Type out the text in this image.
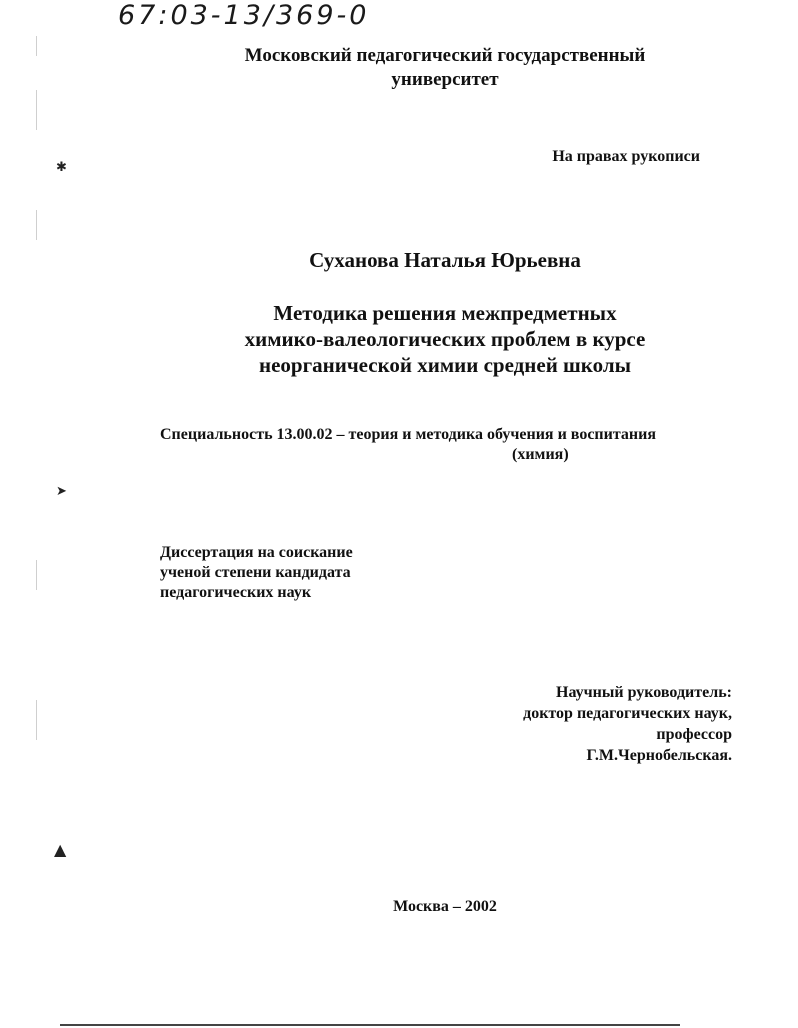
✱
➤
▲
67:03-13/369-0
Московский педагогический государственный
университет
На правах рукописи
Суханова Наталья Юрьевна
Методика решения межпредметных
химико-валеологических проблем в курсе
неорганической химии средней школы
Специальность 13.00.02 – теория и методика обучения и воспитания
(химия)
Диссертация на соискание
ученой степени кандидата
педагогических наук
Научный руководитель:
доктор педагогических наук,
профессор
Г.М.Чернобельская.
Москва – 2002
